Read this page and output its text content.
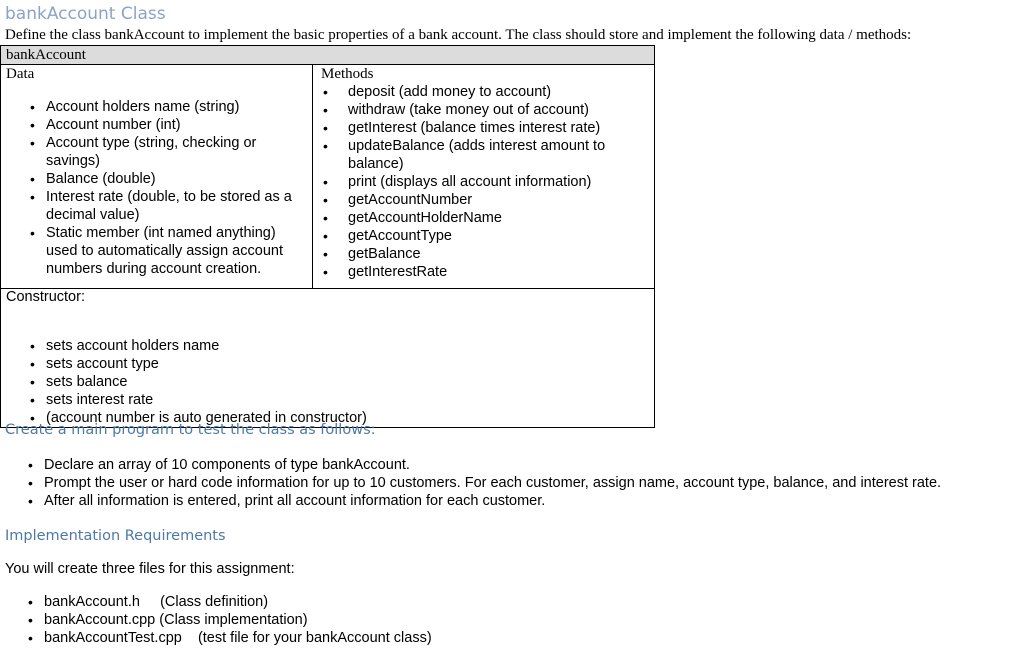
bankAccount Class

Define the class bankAccount to implement the basic properties of a bank account. The class should store and implement the following data / methods:

bankAccount

Data
• Account holders name (string)
• Account number (int)
• Account type (string, checking or savings)
• Balance (double)
• Interest rate (double, to be stored as a decimal value)
• Static member (int named anything) used to automatically assign account numbers during account creation.

Methods
• deposit (add money to account)
• withdraw (take money out of account)
• getInterest (balance times interest rate)
• updateBalance (adds interest amount to balance)
• print (displays all account information)
• getAccountNumber
• getAccountHolderName
• getAccountType
• getBalance
• getInterestRate

Constructor:
• sets account holders name
• sets account type
• sets balance
• sets interest rate
• (account number is auto generated in constructor)
Create a main program to test the class as follows:
• Declare an array of 10 components of type bankAccount.
• Prompt the user or hard code information for up to 10 customers. For each customer, assign name, account type, balance, and interest rate.
• After all information is entered, print all account information for each customer.
Implementation Requirements

You will create three files for this assignment:

• bankAccount.h     (Class definition)
• bankAccount.cpp (Class implementation)
• bankAccountTest.cpp    (test file for your bankAccount class)
